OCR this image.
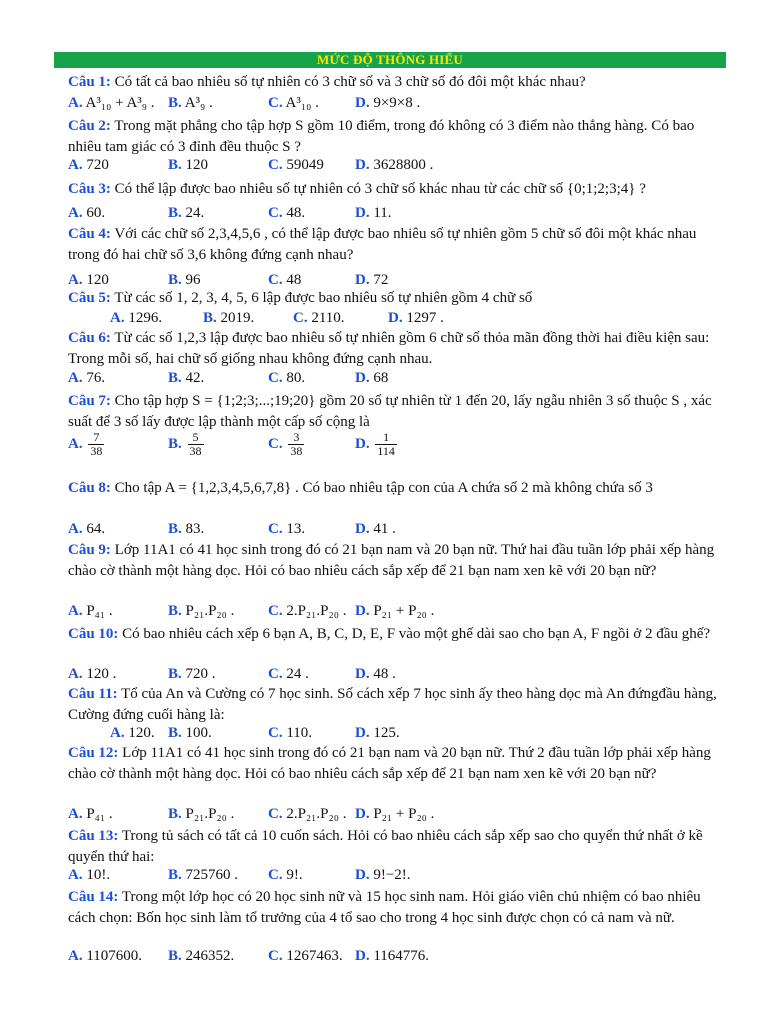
MỨC ĐỘ THÔNG HIỂU

Câu 1: Có tất cả bao nhiêu số tự nhiên có 3 chữ số và 3 chữ số đó đôi một khác nhau?

A. A³₁₀ + A³₉ . B. A³₉ .	C. A³₁₀ . D. 9×9×8 .

Câu 2: Trong mặt phẳng cho tập hợp S gồm 10 điểm, trong đó không có 3 điểm nào thẳng hàng. Có bao nhiêu tam giác có 3 đỉnh đều thuộc S ?

A. 720	B. 120	C. 59049 D. 3628800 .

Câu 3: Có thể lập được bao nhiêu số tự nhiên có 3 chữ số khác nhau từ các chữ số {0;1;2;3;4} ?

A. 60.	B. 24.	C. 48.	D. 11.

Câu 4: Với các chữ số 2,3,4,5,6 , có thể lập được bao nhiêu số tự nhiên gồm 5 chữ số đôi một khác nhau trong đó hai chữ số 3,6 không đứng cạnh nhau?

A. 120	B. 96	C. 48	D. 72

Câu 5: Từ các số 1, 2, 3, 4, 5, 6 lập được bao nhiêu số tự nhiên gồm 4 chữ số

A. 1296.	B. 2019.	C. 2110.	D. 1297 .

Câu 6: Từ các số 1,2,3 lập được bao nhiêu số tự nhiên gồm 6 chữ số thỏa mãn đồng thời hai điều kiện sau: Trong mỗi số, hai chữ số giống nhau không đứng cạnh nhau.

A. 76.	B. 42.	C. 80.	D. 68

Câu 7: Cho tập hợp S = {1;2;3;...;19;20} gồm 20 số tự nhiên từ 1 đến 20, lấy ngẫu nhiên 3 số thuộc S , xác suất để 3 số lấy được lập thành một cấp số cộng là

A. $\frac{7}{38}$	B. $\frac{5}{38}$	C. $\frac{3}{38}$	D. $\frac{1}{114}$

Câu 8: Cho tập A = {1,2,3,4,5,6,7,8} . Có bao nhiêu tập con của A chứa số 2 mà không chứa số 3

A. 64.	B. 83.	C. 13.	D. 41 .

Câu 9: Lớp 11A1 có 41 học sinh trong đó có 21 bạn nam và 20 bạn nữ. Thứ hai đầu tuần lớp phải xếp hàng chào cờ thành một hàng dọc. Hỏi có bao nhiêu cách sắp xếp để 21 bạn nam xen kẽ với 20 bạn nữ?

A. P₄₁ .	B. P₂₁.P₂₀ . C. 2.P₂₁.P₂₀ . D. P₂₁ + P₂₀ .

Câu 10: Có bao nhiêu cách xếp 6 bạn A, B, C, D, E, F vào một ghế dài sao cho bạn A, F ngồi ở 2 đầu ghế?

A. 120 .	B. 720 .	C. 24 .	D. 48 .

Câu 11: Tổ của An và Cường có 7 học sinh. Số cách xếp 7 học sinh ấy theo hàng dọc mà An đứngđầu hàng, Cường đứng cuối hàng là:

A. 120. B. 100.	C. 110.	D. 125.

Câu 12: Lớp 11A1 có 41 học sinh trong đó có 21 bạn nam và 20 bạn nữ. Thứ 2 đầu tuần lớp phải xếp hàng chào cờ thành một hàng dọc. Hỏi có bao nhiêu cách sắp xếp để 21 bạn nam xen kẽ với 20 bạn nữ?

A. P₄₁ .	B. P₂₁.P₂₀ . C. 2.P₂₁.P₂₀ . D. P₂₁ + P₂₀ .

Câu 13: Trong tủ sách có tất cả 10 cuốn sách. Hỏi có bao nhiêu cách sắp xếp sao cho quyển thứ nhất ở kề quyển thứ hai:

A. 10!.	B. 725760 . C. 9!.	D. 9!−2!.

Câu 14: Trong một lớp học có 20 học sinh nữ và 15 học sinh nam. Hỏi giáo viên chủ nhiệm có bao nhiêu cách chọn: Bốn học sinh làm tổ trưởng của 4 tổ sao cho trong 4 học sinh được chọn có cả nam và nữ.

A. 1107600. B. 246352. C. 1267463. D. 1164776.
